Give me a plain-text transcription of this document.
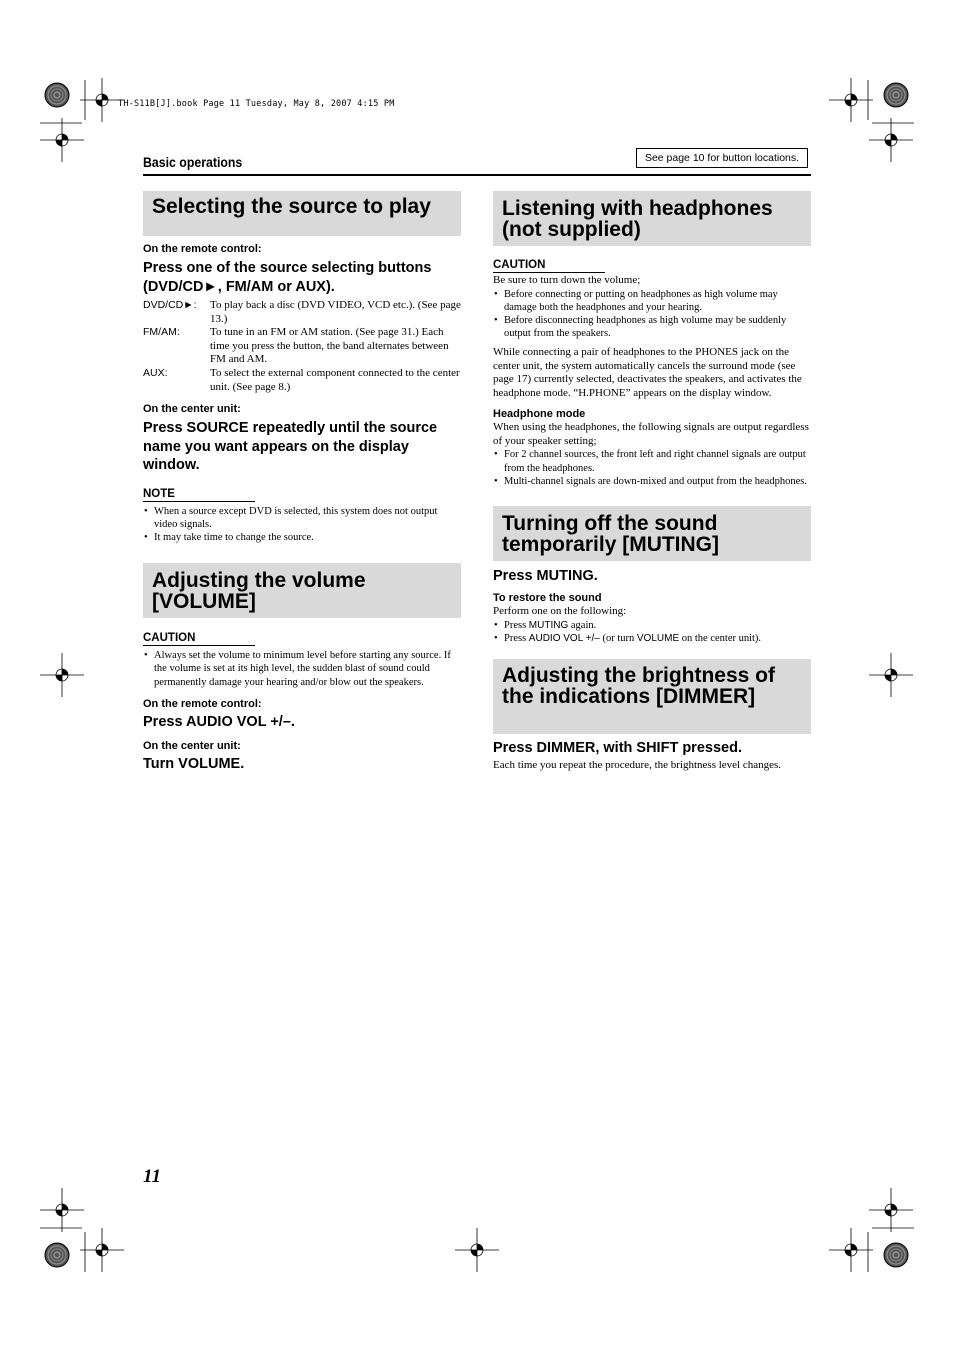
TH-S11B[J].book Page 11 Tuesday, May 8, 2007 4:15 PM
Basic operations	See page 10 for button locations.
Selecting the source to play
On the remote control:
Press one of the source selecting buttons (DVD/CD►, FM/AM or AUX).
DVD/CD►:	To play back a disc (DVD VIDEO, VCD etc.). (See page 13.)
FM/AM:	To tune in an FM or AM station. (See page 31.) Each time you press the button, the band alternates between FM and AM.
AUX:	To select the external component connected to the center unit. (See page 8.)
On the center unit:
Press SOURCE repeatedly until the source name you want appears on the display window.
NOTE
• When a source except DVD is selected, this system does not output video signals.
• It may take time to change the source.
Adjusting the volume [VOLUME]
CAUTION
• Always set the volume to minimum level before starting any source. If the volume is set at its high level, the sudden blast of sound could permanently damage your hearing and/or blow out the speakers.
On the remote control:
Press AUDIO VOL +/–.
On the center unit:
Turn VOLUME.
Listening with headphones (not supplied)
CAUTION
Be sure to turn down the volume;
• Before connecting or putting on headphones as high volume may damage both the headphones and your hearing.
• Before disconnecting headphones as high volume may be suddenly output from the speakers.
While connecting a pair of headphones to the PHONES jack on the center unit, the system automatically cancels the surround mode (see page 17) currently selected, deactivates the speakers, and activates the headphone mode. “H.PHONE” appears on the display window.
Headphone mode
When using the headphones, the following signals are output regardless of your speaker setting;
• For 2 channel sources, the front left and right channel signals are output from the headphones.
• Multi-channel signals are down-mixed and output from the headphones.
Turning off the sound temporarily [MUTING]
Press MUTING.
To restore the sound
Perform one on the following:
• Press MUTING again.
• Press AUDIO VOL +/– (or turn VOLUME on the center unit).
Adjusting the brightness of the indications [DIMMER]
Press DIMMER, with SHIFT pressed.
Each time you repeat the procedure, the brightness level changes.
11
